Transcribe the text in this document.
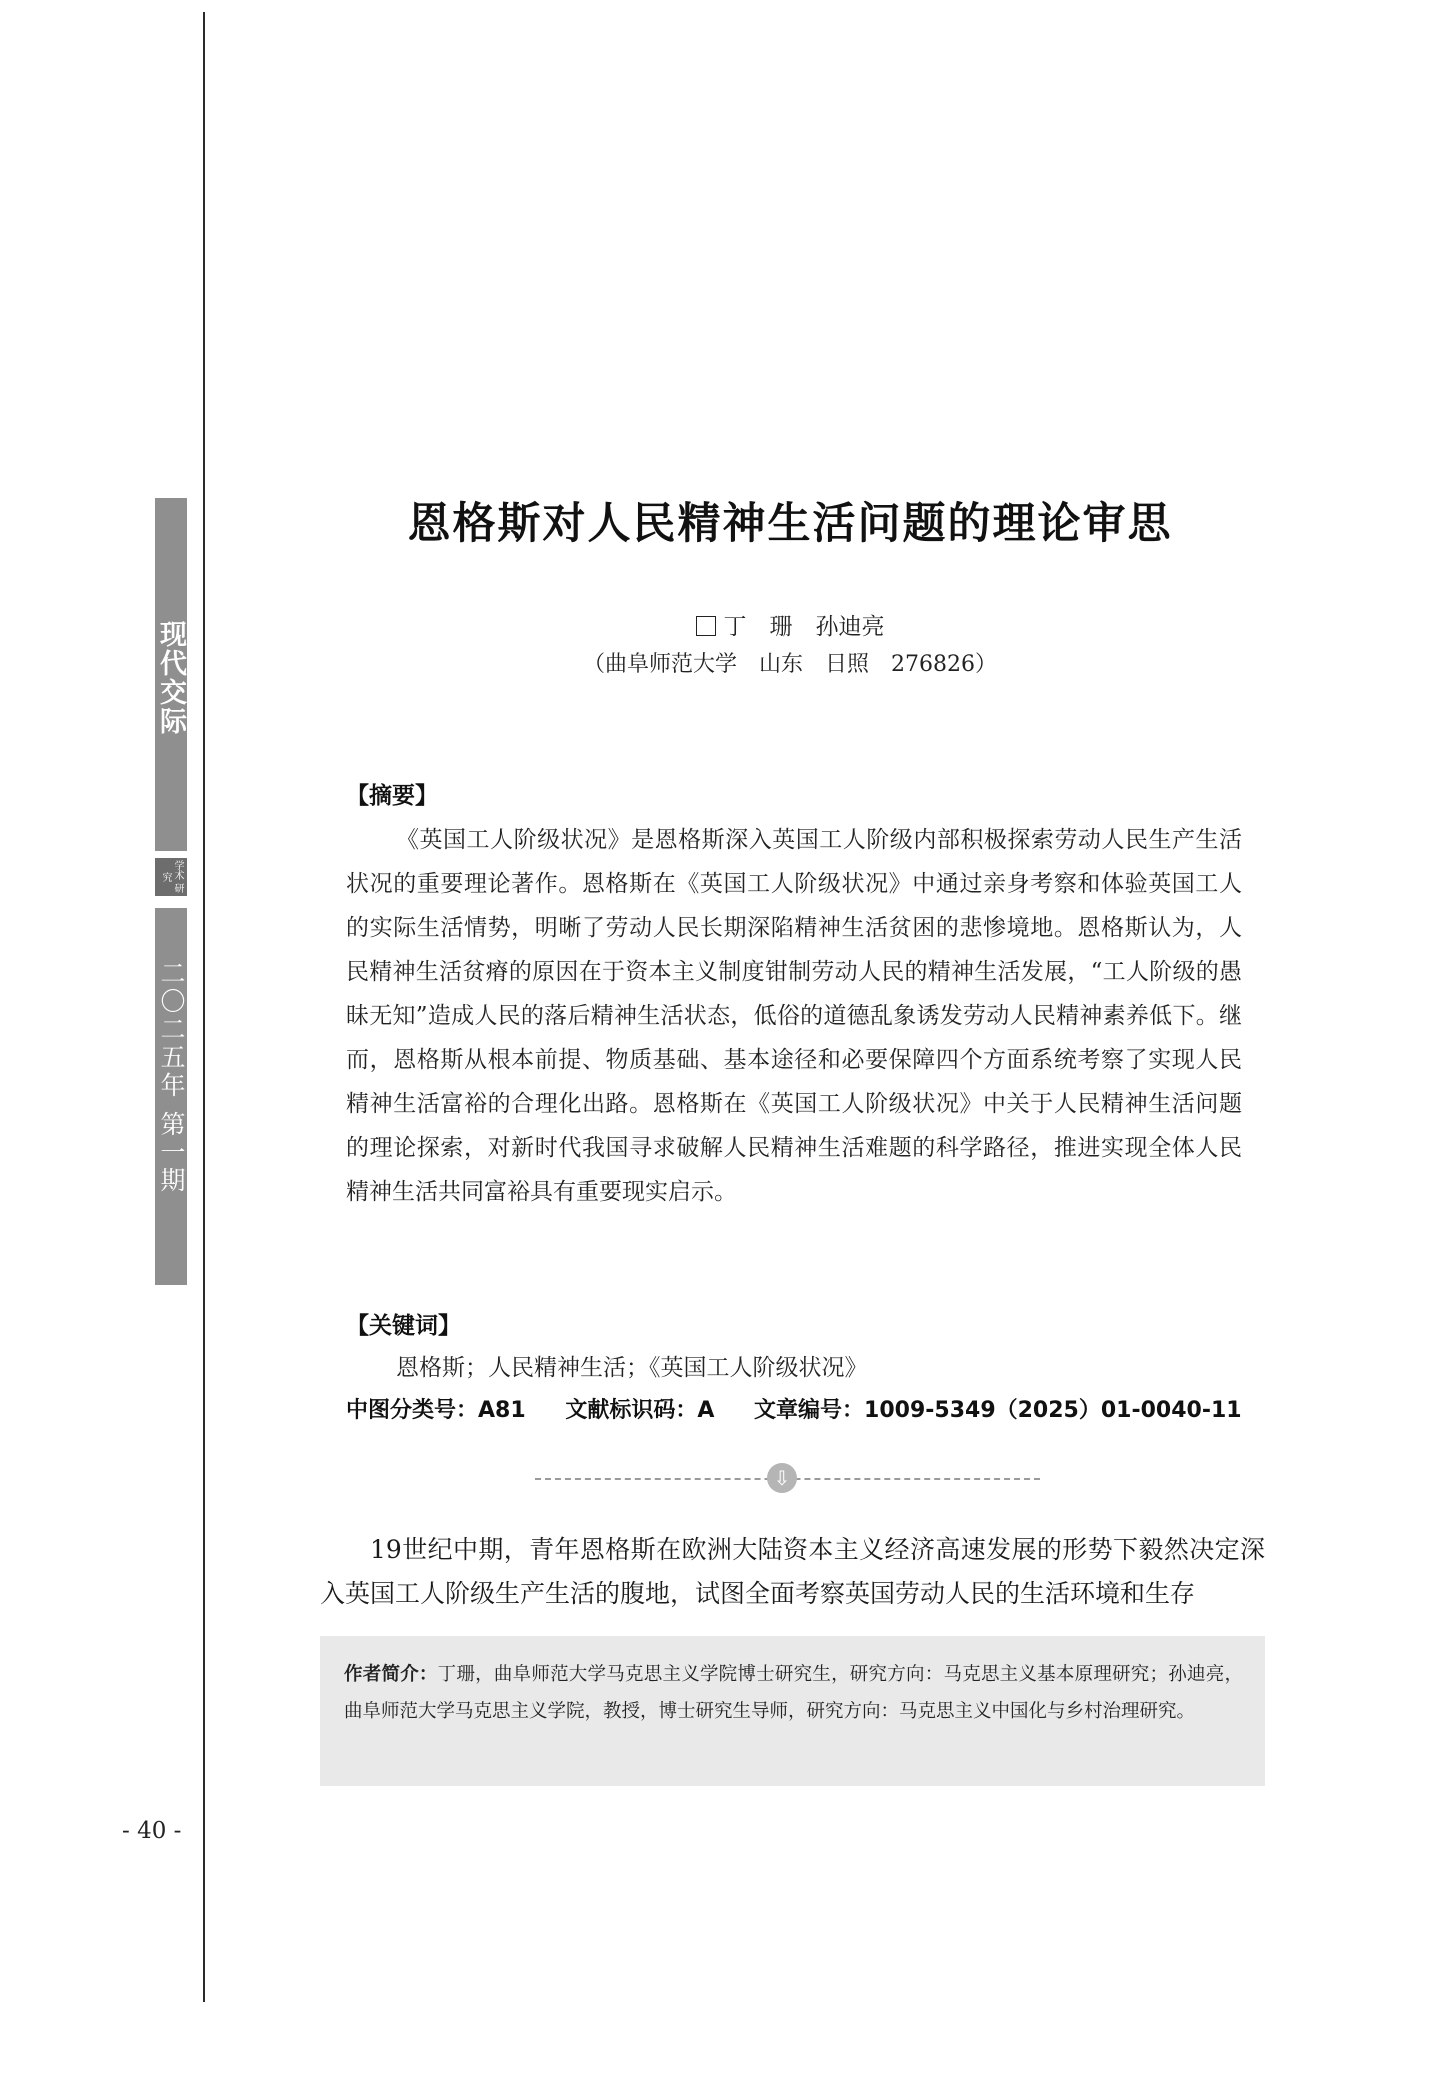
现代交际
学术 研究
二〇二五年 第一期
- 40 -
恩格斯对人民精神生活问题的理论审思
丁　珊　孙迪亮
（曲阜师范大学　山东　日照　276826）
【摘要】
《英国工人阶级状况》是恩格斯深入英国工人阶级内部积极探索劳动人民生产生活状况的重要理论著作。恩格斯在《英国工人阶级状况》中通过亲身考察和体验英国工人的实际生活情势，明晰了劳动人民长期深陷精神生活贫困的悲惨境地。恩格斯认为，人民精神生活贫瘠的原因在于资本主义制度钳制劳动人民的精神生活发展，“工人阶级的愚昧无知”造成人民的落后精神生活状态，低俗的道德乱象诱发劳动人民精神素养低下。继而，恩格斯从根本前提、物质基础、基本途径和必要保障四个方面系统考察了实现人民精神生活富裕的合理化出路。恩格斯在《英国工人阶级状况》中关于人民精神生活问题的理论探索，对新时代我国寻求破解人民精神生活难题的科学路径，推进实现全体人民精神生活共同富裕具有重要现实启示。
【关键词】
恩格斯；人民精神生活；《英国工人阶级状况》
中图分类号：A81 文献标识码：A 文章编号：1009-5349（2025）01-0040-11
⇩
19世纪中期，青年恩格斯在欧洲大陆资本主义经济高速发展的形势下毅然决定深入英国工人阶级生产生活的腹地，试图全面考察英国劳动人民的生活环境和生存
作者简介：丁珊，曲阜师范大学马克思主义学院博士研究生，研究方向：马克思主义基本原理研究；孙迪亮，曲阜师范大学马克思主义学院，教授，博士研究生导师，研究方向：马克思主义中国化与乡村治理研究。
